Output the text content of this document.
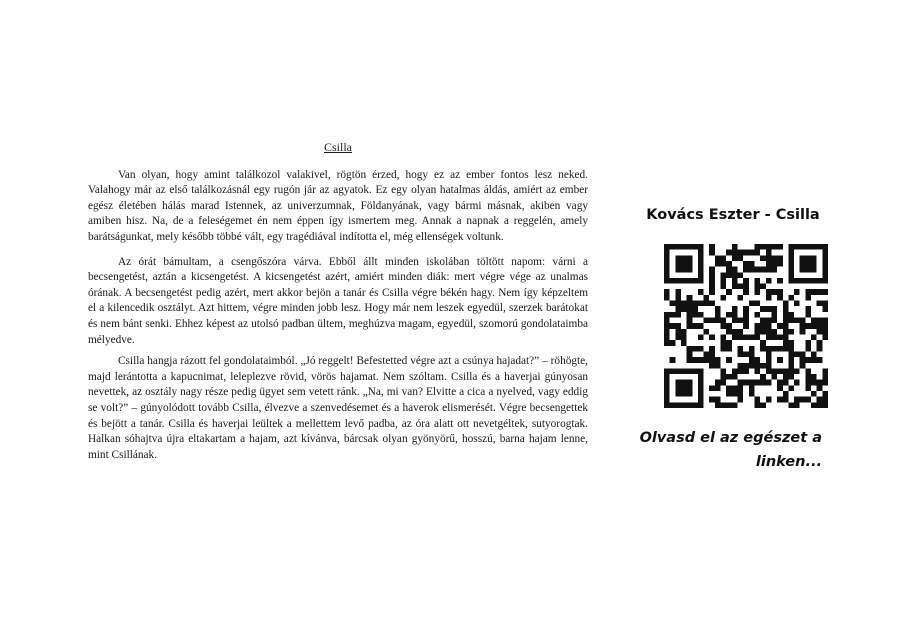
Csilla

Van olyan, hogy amint találkozol valakivel, rögtön érzed, hogy ez az ember fontos lesz neked. Valahogy már az első találkozásnál egy rugón jár az agyatok. Ez egy olyan hatalmas áldás, amiért az ember egész életében hálás marad Istennek, az univerzumnak, Földanyának, vagy bármi másnak, akiben vagy amiben hisz. Na, de a feleségemet én nem éppen így ismertem meg. Annak a napnak a reggelén, amely barátságunkat, mely később többé vált, egy tragédiával indította el, még ellenségek voltunk.

Az órát bámultam, a csengőszóra várva. Ebből állt minden iskolában töltött napom: várni a becsengetést, aztán a kicsengetést. A kicsengetést azért, amiért minden diák: mert végre vége az unalmas órának. A becsengetést pedig azért, mert akkor bejön a tanár és Csilla végre békén hagy. Nem így képzeltem el a kilencedik osztályt. Azt hittem, végre minden jobb lesz. Hogy már nem leszek egyedül, szerzek barátokat és nem bánt senki. Ehhez képest az utolsó padban ültem, meghúzva magam, egyedül, szomorú gondolataimba mélyedve.

Csilla hangja rázott fel gondolataimból. „Jó reggelt! Befestetted végre azt a csúnya hajadat?” – röhögte, majd lerántotta a kapucnimat, leleplezve rövid, vörös hajamat. Nem szóltam. Csilla és a haverjai gúnyosan nevettek, az osztály nagy része pedig ügyet sem vetett ránk. „Na, mi van? Elvitte a cica a nyelved, vagy eddig se volt?” – gúnyolódott tovább Csilla, élvezve a szenvedésemet és a haverok elismerését. Végre becsengettek és bejött a tanár. Csilla és haverjai leültek a mellettem levő padba, az óra alatt ott nevetgéltek, sutyorogtak. Halkan sóhajtva újra eltakartam a hajam, azt kívánva, bárcsak olyan gyönyörű, hosszú, barna hajam lenne, mint Csillának.

Kovács Eszter - Csilla
Olvasd el az egészet a linken...
